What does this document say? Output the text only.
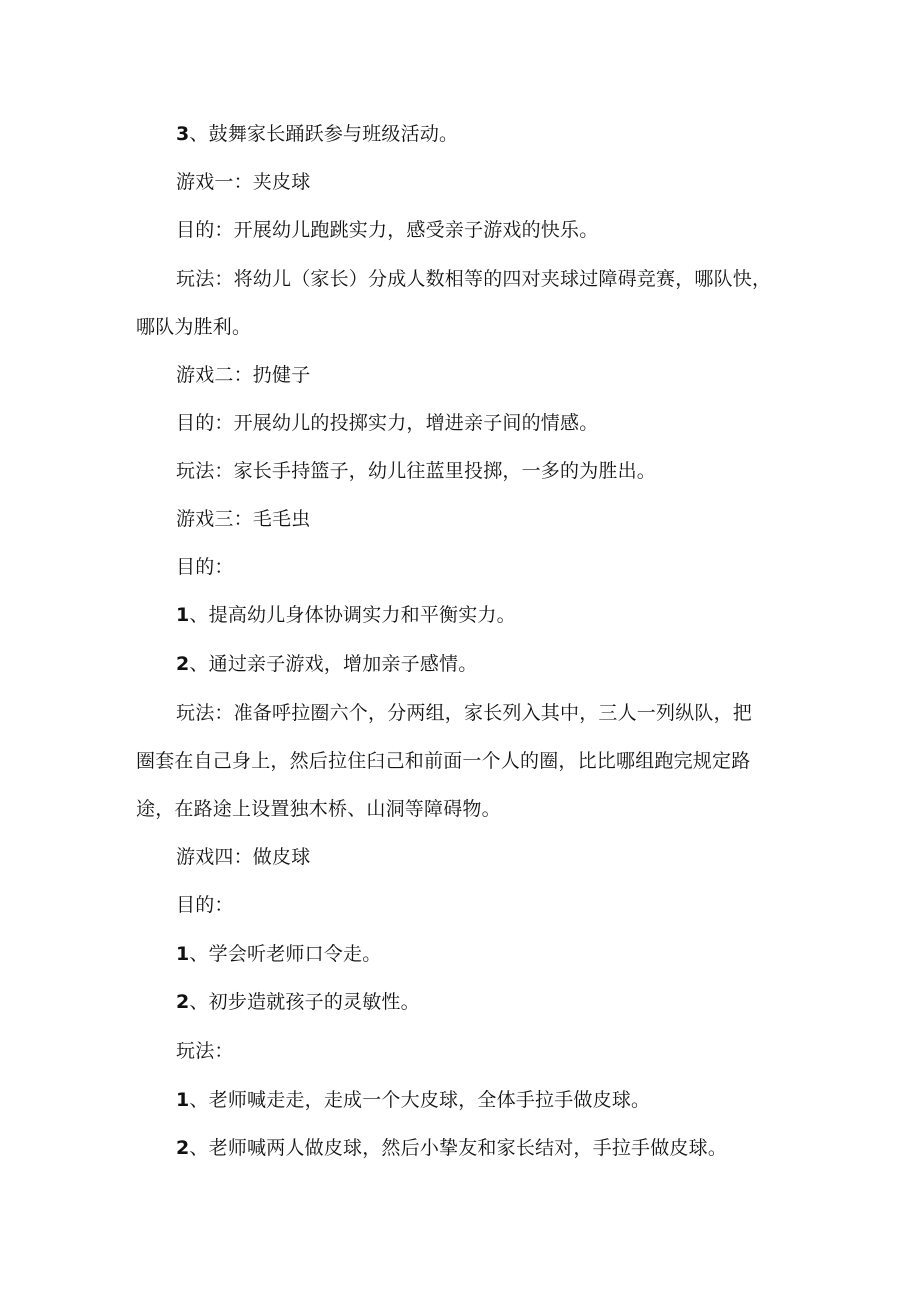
3、鼓舞家长踊跃参与班级活动。
游戏一：夹皮球
目的：开展幼儿跑跳实力，感受亲子游戏的快乐。
玩法：将幼儿（家长）分成人数相等的四对夹球过障碍竞赛，哪队快，
哪队为胜利。
游戏二：扔健子
目的：开展幼儿的投掷实力，增进亲子间的情感。
玩法：家长手持篮子，幼儿往蓝里投掷，一多的为胜出。
游戏三：毛毛虫
目的：
1、提高幼儿身体协调实力和平衡实力。
2、通过亲子游戏，增加亲子感情。
玩法：准备呼拉圈六个，分两组，家长列入其中，三人一列纵队，把
圈套在自己身上，然后拉住臼己和前面一个人的圈，比比哪组跑完规定路
途，在路途上设置独木桥、山洞等障碍物。
游戏四：做皮球
目的：
1、学会听老师口令走。
2、初步造就孩子的灵敏性。
玩法：
1、老师喊走走，走成一个大皮球，全体手拉手做皮球。
2、老师喊两人做皮球，然后小挚友和家长结对，手拉手做皮球。
